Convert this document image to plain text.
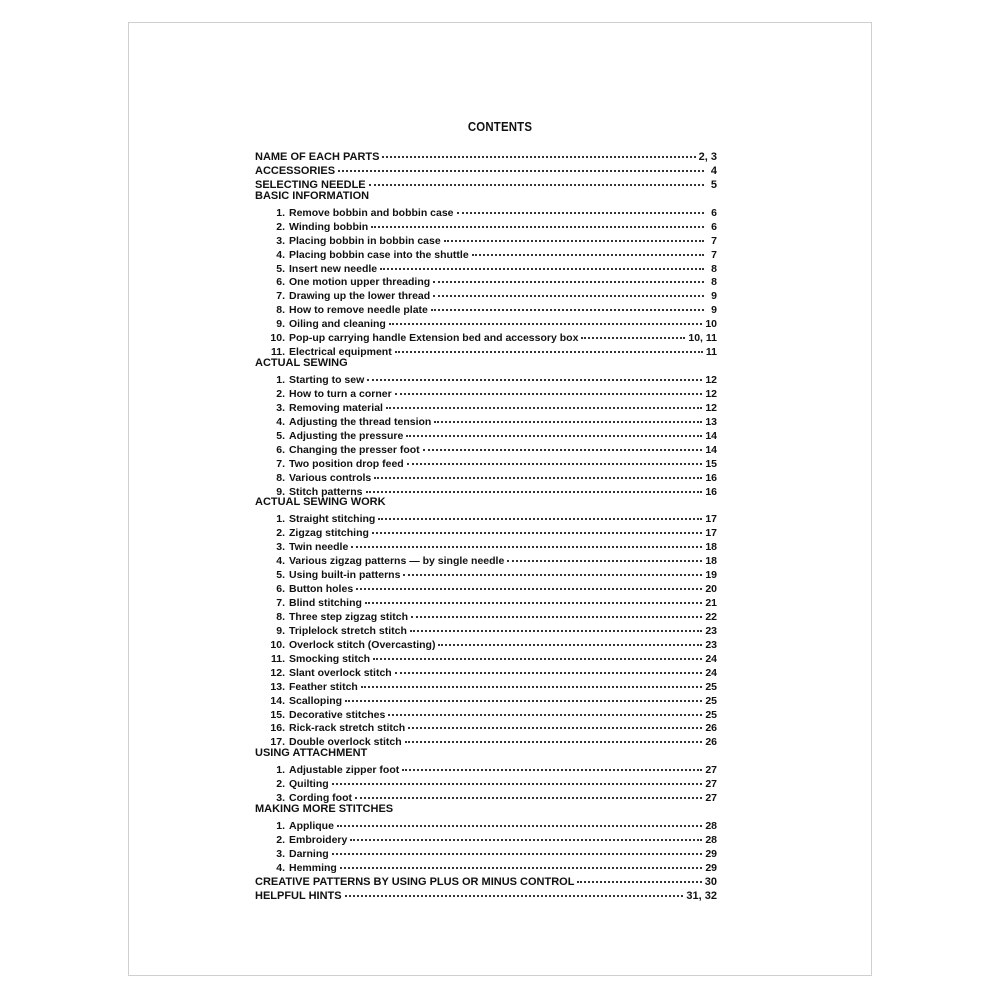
CONTENTS
NAME OF EACH PARTS	2, 3
ACCESSORIES	4
SELECTING NEEDLE	5
BASIC INFORMATION
1. Remove bobbin and bobbin case	6
2. Winding bobbin	6
3. Placing bobbin in bobbin case	7
4. Placing bobbin case into the shuttle	7
5. Insert new needle	8
6. One motion upper threading	8
7. Drawing up the lower thread	9
8. How to remove needle plate	9
9. Oiling and cleaning	10
10. Pop-up carrying handle Extension bed and accessory box	10, 11
11. Electrical equipment	11
ACTUAL SEWING
1. Starting to sew	12
2. How to turn a corner	12
3. Removing material	12
4. Adjusting the thread tension	13
5. Adjusting the pressure	14
6. Changing the presser foot	14
7. Two position drop feed	15
8. Various controls	16
9. Stitch patterns	16
ACTUAL SEWING WORK
1. Straight stitching	17
2. Zigzag stitching	17
3. Twin needle	18
4. Various zigzag patterns — by single needle	18
5. Using built-in patterns	19
6. Button holes	20
7. Blind stitching	21
8. Three step zigzag stitch	22
9. Triplelock stretch stitch	23
10. Overlock stitch (Overcasting)	23
11. Smocking stitch	24
12. Slant overlock stitch	24
13. Feather stitch	25
14. Scalloping	25
15. Decorative stitches	25
16. Rick-rack stretch stitch	26
17. Double overlock stitch	26
USING ATTACHMENT
1. Adjustable zipper foot	27
2. Quilting	27
3. Cording foot	27
MAKING MORE STITCHES
1. Applique	28
2. Embroidery	28
3. Darning	29
4. Hemming	29
CREATIVE PATTERNS BY USING PLUS OR MINUS CONTROL	30
HELPFUL HINTS	31, 32
